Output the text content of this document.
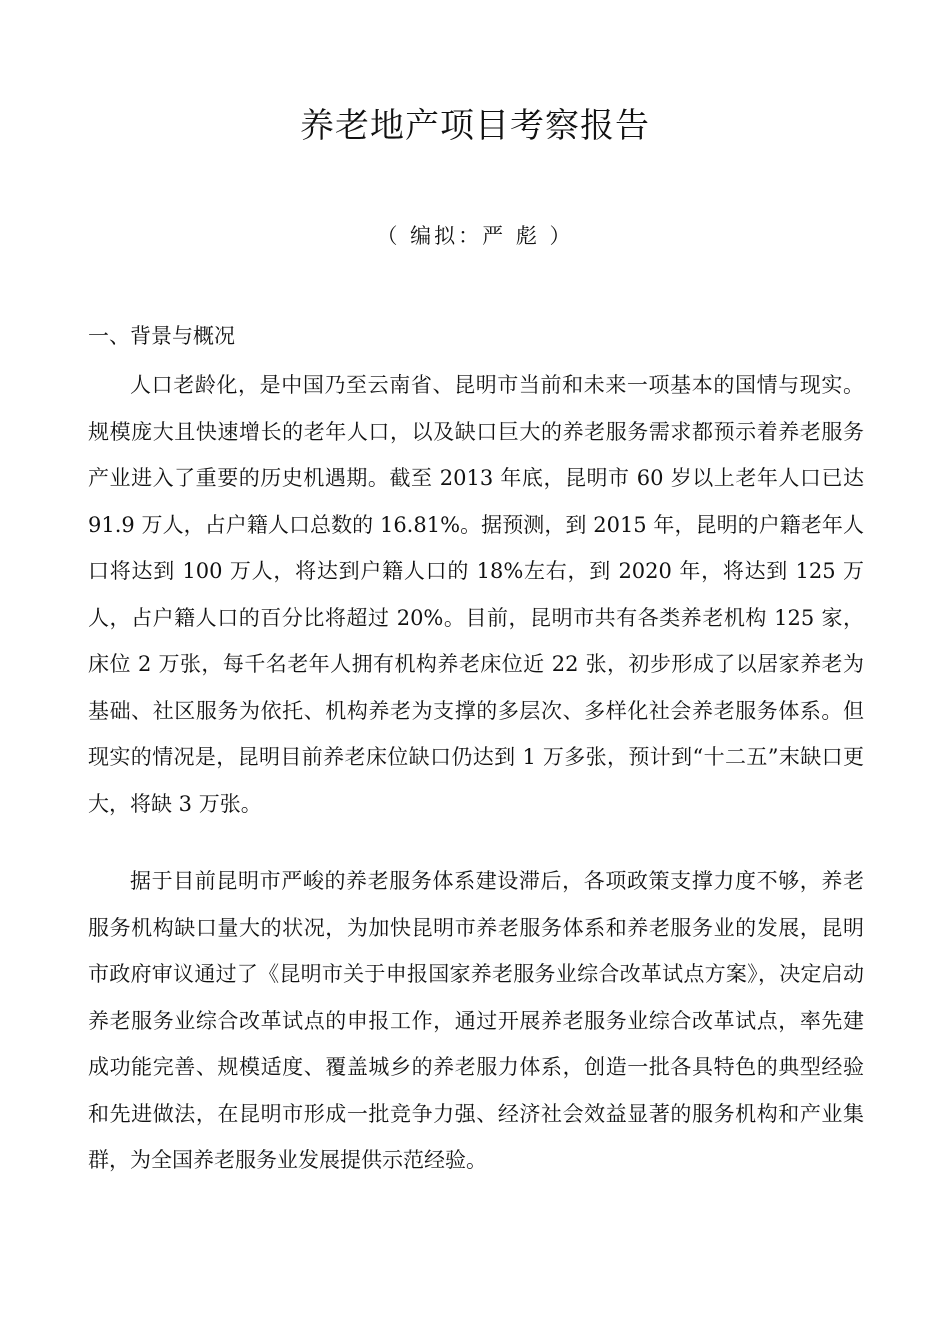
养老地产项目考察报告
（ 编拟：严 彪 ）
一、背景与概况

人口老龄化，是中国乃至云南省、昆明市当前和未来一项基本的国情与现实。规模庞大且快速增长的老年人口，以及缺口巨大的养老服务需求都预示着养老服务产业进入了重要的历史机遇期。截至 2013 年底，昆明市 60 岁以上老年人口已达 91.9 万人，占户籍人口总数的 16.81%。据预测，到 2015 年，昆明的户籍老年人口将达到 100 万人，将达到户籍人口的 18%左右，到 2020 年，将达到 125 万人，占户籍人口的百分比将超过 20%。目前，昆明市共有各类养老机构 125 家，床位 2 万张，每千名老年人拥有机构养老床位近 22 张，初步形成了以居家养老为基础、社区服务为依托、机构养老为支撑的多层次、多样化社会养老服务体系。但现实的情况是，昆明目前养老床位缺口仍达到 1 万多张，预计到“十二五”末缺口更大，将缺 3 万张。

据于目前昆明市严峻的养老服务体系建设滞后，各项政策支撑力度不够，养老服务机构缺口量大的状况，为加快昆明市养老服务体系和养老服务业的发展，昆明市政府审议通过了《昆明市关于申报国家养老服务业综合改革试点方案》，决定启动养老服务业综合改革试点的申报工作，通过开展养老服务业综合改革试点，率先建成功能完善、规模适度、覆盖城乡的养老服力体系，创造一批各具特色的典型经验和先进做法，在昆明市形成一批竞争力强、经济社会效益显著的服务机构和产业集群，为全国养老服务业发展提供示范经验。
